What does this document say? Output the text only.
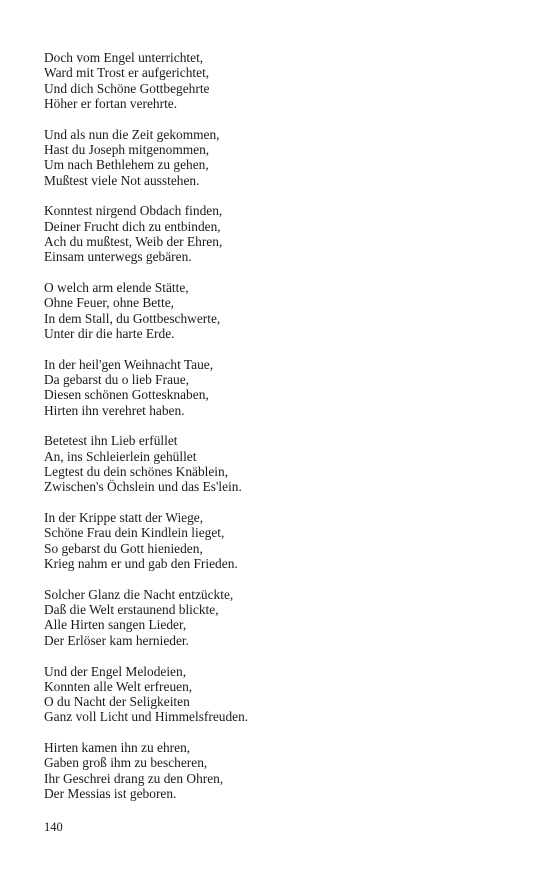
Doch vom Engel unterrichtet,
Ward mit Trost er aufgerichtet,
Und dich Schöne Gottbegehrte
Höher er fortan verehrte.
Und als nun die Zeit gekommen,
Hast du Joseph mitgenommen,
Um nach Bethlehem zu gehen,
Mußtest viele Not ausstehen.
Konntest nirgend Obdach finden,
Deiner Frucht dich zu entbinden,
Ach du mußtest, Weib der Ehren,
Einsam unterwegs gebären.
O welch arm elende Stätte,
Ohne Feuer, ohne Bette,
In dem Stall, du Gottbeschwerte,
Unter dir die harte Erde.
In der heil'gen Weihnacht Taue,
Da gebarst du o lieb Fraue,
Diesen schönen Gottesknaben,
Hirten ihn verehret haben.
Betetest ihn Lieb erfüllet
An, ins Schleierlein gehüllet
Legtest du dein schönes Knäblein,
Zwischen's Öchslein und das Es'lein.
In der Krippe statt der Wiege,
Schöne Frau dein Kindlein lieget,
So gebarst du Gott hienieden,
Krieg nahm er und gab den Frieden.
Solcher Glanz die Nacht entzückte,
Daß die Welt erstaunend blickte,
Alle Hirten sangen Lieder,
Der Erlöser kam hernieder.
Und der Engel Melodeien,
Konnten alle Welt erfreuen,
O du Nacht der Seligkeiten
Ganz voll Licht und Himmelsfreuden.
Hirten kamen ihn zu ehren,
Gaben groß ihm zu bescheren,
Ihr Geschrei drang zu den Ohren,
Der Messias ist geboren.
140
